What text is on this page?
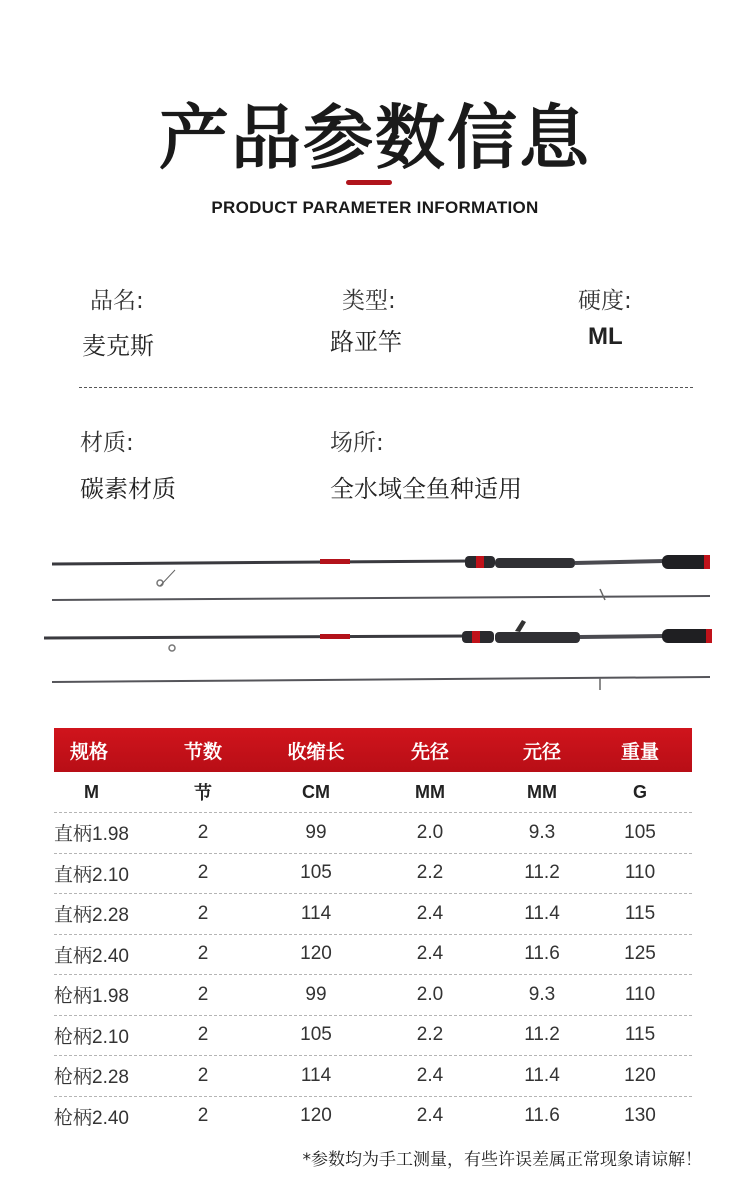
产品参数信息
PRODUCT PARAMETER INFORMATION
品名:
麦克斯
类型:
路亚竿
硬度:
ML
材质:
碳素材质
场所:
全水域全鱼种适用
规格	节数	收缩长	先径	元径	重量
M	节	CM	MM	MM	G
直柄1.98	2	99	2.0	9.3	105
直柄2.10	2	105	2.2	11.2	110
直柄2.28	2	114	2.4	11.4	115
直柄2.40	2	120	2.4	11.6	125
枪柄1.98	2	99	2.0	9.3	110
枪柄2.10	2	105	2.2	11.2	115
枪柄2.28	2	114	2.4	11.4	120
枪柄2.40	2	120	2.4	11.6	130
*参数均为手工测量，有些许误差属正常现象请谅解！
